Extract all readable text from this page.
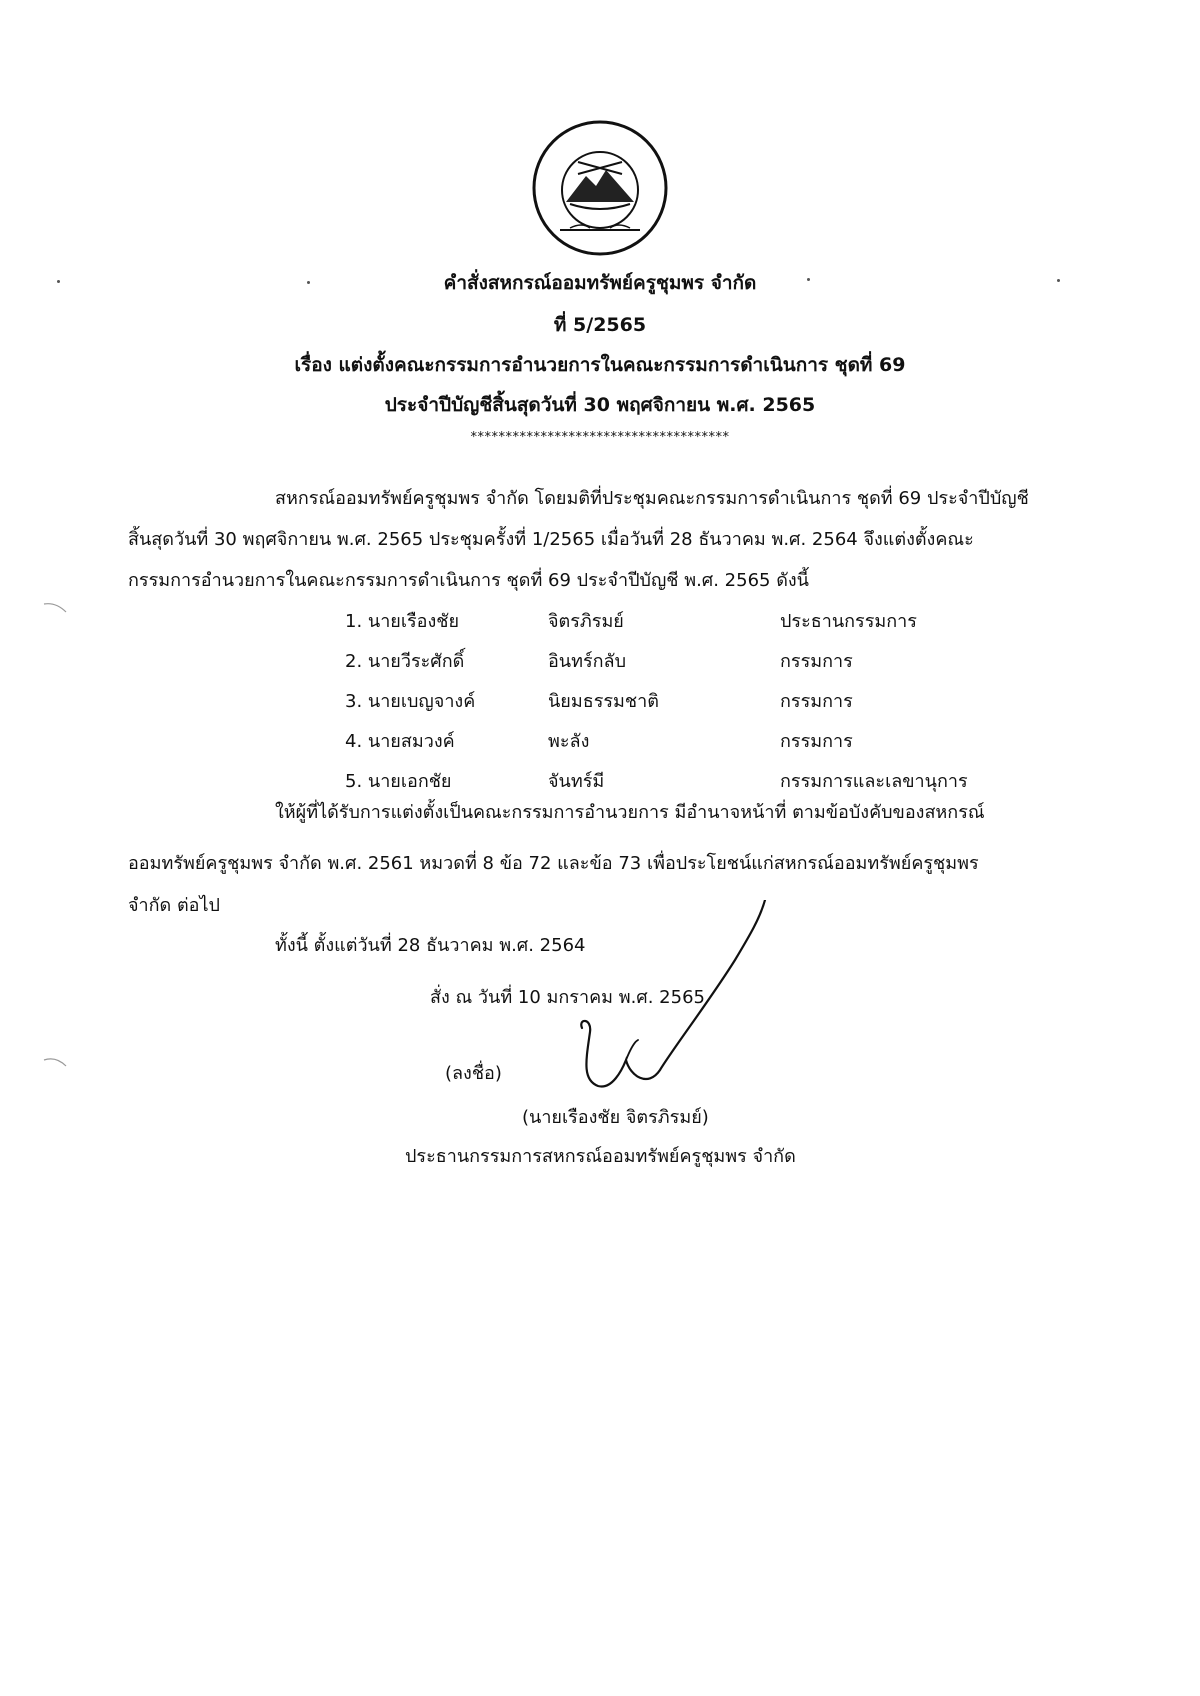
คำสั่งสหกรณ์ออมทรัพย์ครูชุมพร จำกัด
ที่ 5/2565
เรื่อง แต่งตั้งคณะกรรมการอำนวยการในคณะกรรมการดำเนินการ ชุดที่ 69
ประจำปีบัญชีสิ้นสุดวันที่ 30 พฤศจิกายน พ.ศ. 2565
*************************************
สหกรณ์ออมทรัพย์ครูชุมพร จำกัด โดยมติที่ประชุมคณะกรรมการดำเนินการ ชุดที่ 69 ประจำปีบัญชี
สิ้นสุดวันที่ 30 พฤศจิกายน พ.ศ. 2565 ประชุมครั้งที่ 1/2565 เมื่อวันที่ 28 ธันวาคม พ.ศ. 2564 จึงแต่งตั้งคณะ
กรรมการอำนวยการในคณะกรรมการดำเนินการ ชุดที่ 69 ประจำปีบัญชี พ.ศ. 2565 ดังนี้
1. นายเรืองชัย	จิตรภิรมย์	ประธานกรรมการ
2. นายวีระศักดิ์	อินทร์กลับ	กรรมการ
3. นายเบญจางค์	นิยมธรรมชาติ	กรรมการ
4. นายสมวงค์	พะลัง	กรรมการ
5. นายเอกชัย	จันทร์มี	กรรมการและเลขานุการ
ให้ผู้ที่ได้รับการแต่งตั้งเป็นคณะกรรมการอำนวยการ มีอำนาจหน้าที่ ตามข้อบังคับของสหกรณ์
ออมทรัพย์ครูชุมพร จำกัด พ.ศ. 2561 หมวดที่ 8 ข้อ 72 และข้อ 73 เพื่อประโยชน์แก่สหกรณ์ออมทรัพย์ครูชุมพร
จำกัด ต่อไป
ทั้งนี้ ตั้งแต่วันที่ 28 ธันวาคม พ.ศ. 2564
สั่ง ณ วันที่ 10 มกราคม พ.ศ. 2565
(ลงชื่อ)
(นายเรืองชัย จิตรภิรมย์)
ประธานกรรมการสหกรณ์ออมทรัพย์ครูชุมพร จำกัด
